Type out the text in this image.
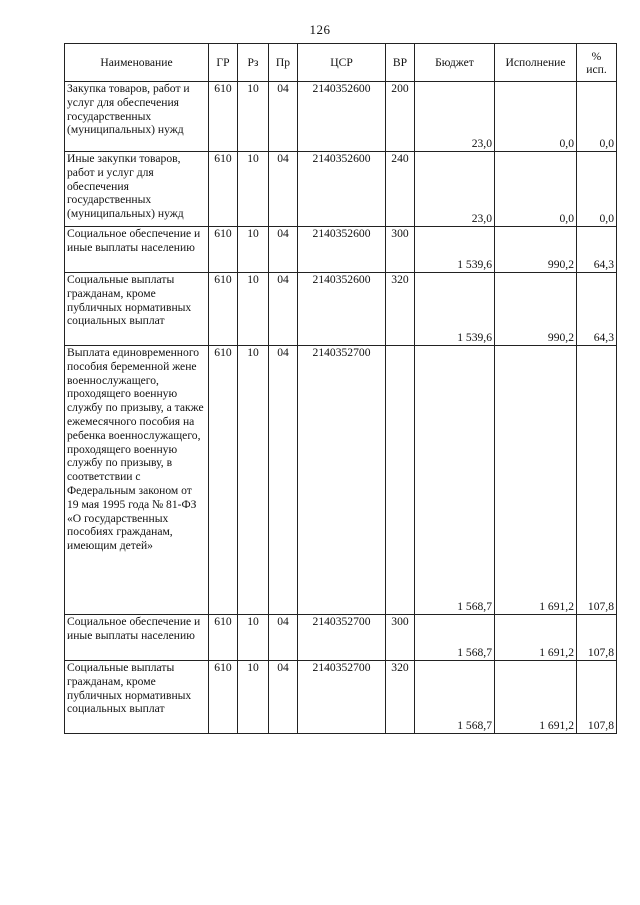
126
Наименование	ГР	Рз	Пр	ЦСР	ВР	Бюджет	Исполнение	%
исп.
Закупка товаров, работ и услуг для обеспечения государственных (муниципальных) нужд	610	10	04	2140352600	200	23,0	0,0	0,0
Иные закупки товаров, работ и услуг для обеспечения государственных (муниципальных) нужд	610	10	04	2140352600	240	23,0	0,0	0,0
Социальное обеспечение и иные выплаты населению	610	10	04	2140352600	300	1 539,6	990,2	64,3
Социальные выплаты гражданам, кроме публичных нормативных социальных выплат	610	10	04	2140352600	320	1 539,6	990,2	64,3
Выплата единовременного пособия беременной жене военнослужащего, проходящего военную службу по призыву, а также ежемесячного пособия на ребенка военнослужащего, проходящего военную службу по призыву, в соответствии с Федеральным законом от 19 мая 1995 года № 81-ФЗ «О государственных пособиях гражданам, имеющим детей»	610	10	04	2140352700		1 568,7	1 691,2	107,8
Социальное обеспечение и иные выплаты населению	610	10	04	2140352700	300	1 568,7	1 691,2	107,8
Социальные выплаты гражданам, кроме публичных нормативных социальных выплат	610	10	04	2140352700	320	1 568,7	1 691,2	107,8
